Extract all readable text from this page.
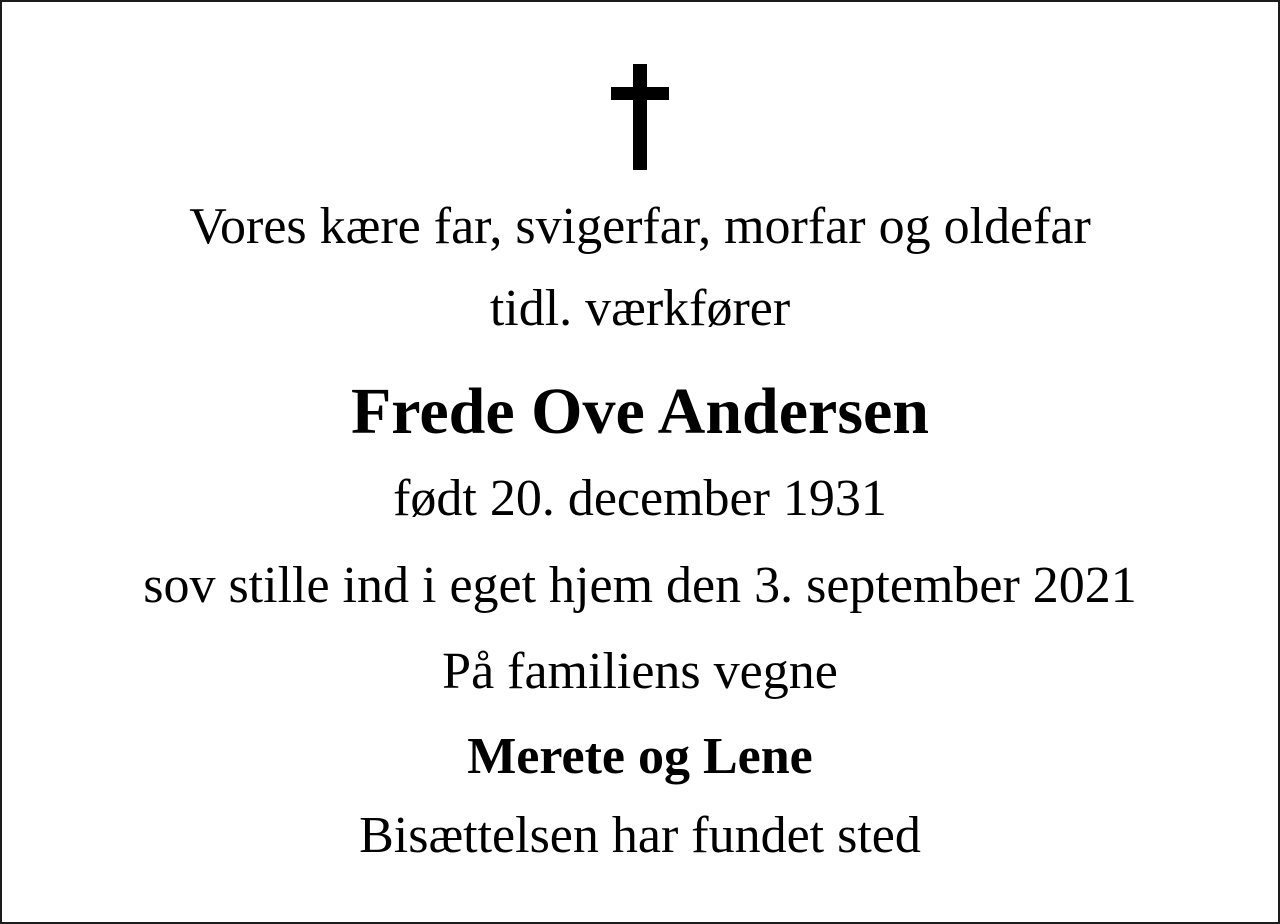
Vores kære far, svigerfar, morfar og oldefar

tidl. værkfører

Frede Ove Andersen

født 20. december 1931

sov stille ind i eget hjem den 3. september 2021

På familiens vegne

Merete og Lene

Bisættelsen har fundet sted
